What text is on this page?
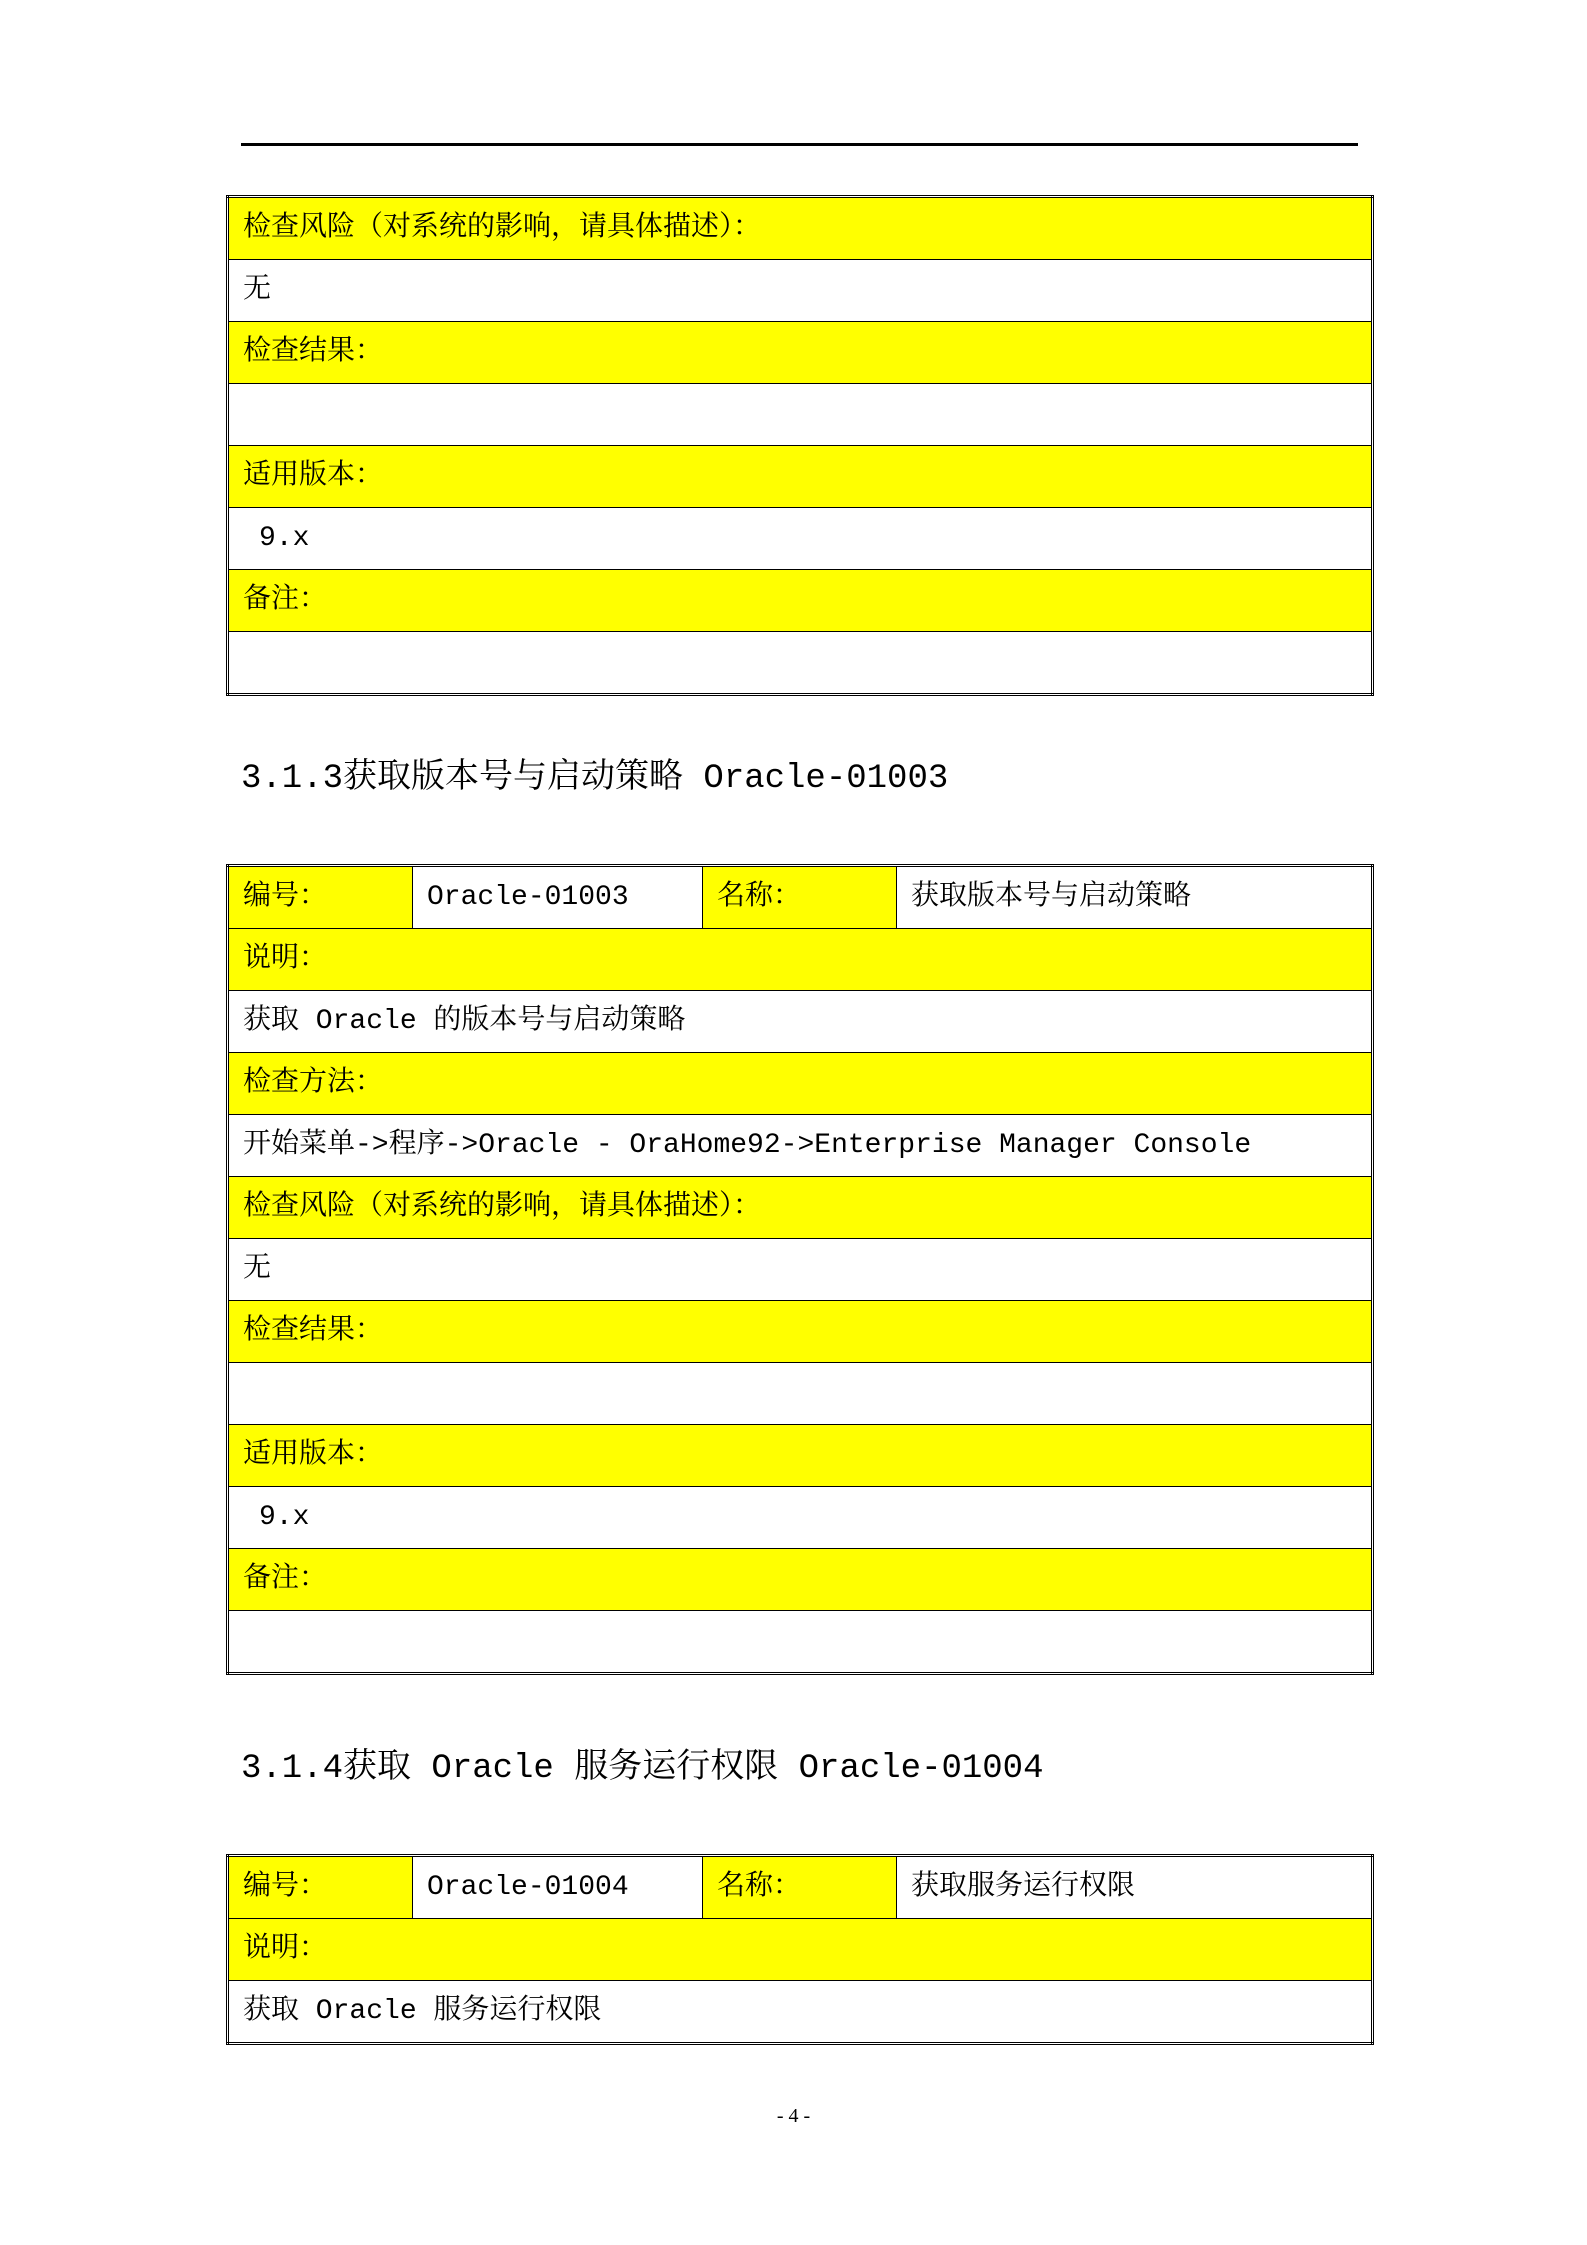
检查风险（对系统的影响，请具体描述）：
无
检查结果：

适用版本：
9.x
备注：

3.1.3获取版本号与启动策略 Oracle-01003
编号：	Oracle-01003	名称：	获取版本号与启动策略
说明：
获取 Oracle 的版本号与启动策略
检查方法：
开始菜单->程序->Oracle - OraHome92->Enterprise Manager Console
检查风险（对系统的影响，请具体描述）：
无
检查结果：

适用版本：
9.x
备注：

3.1.4获取 Oracle 服务运行权限 Oracle-01004
编号：	Oracle-01004	名称：	获取服务运行权限
说明：
获取 Oracle 服务运行权限
- 4 -
